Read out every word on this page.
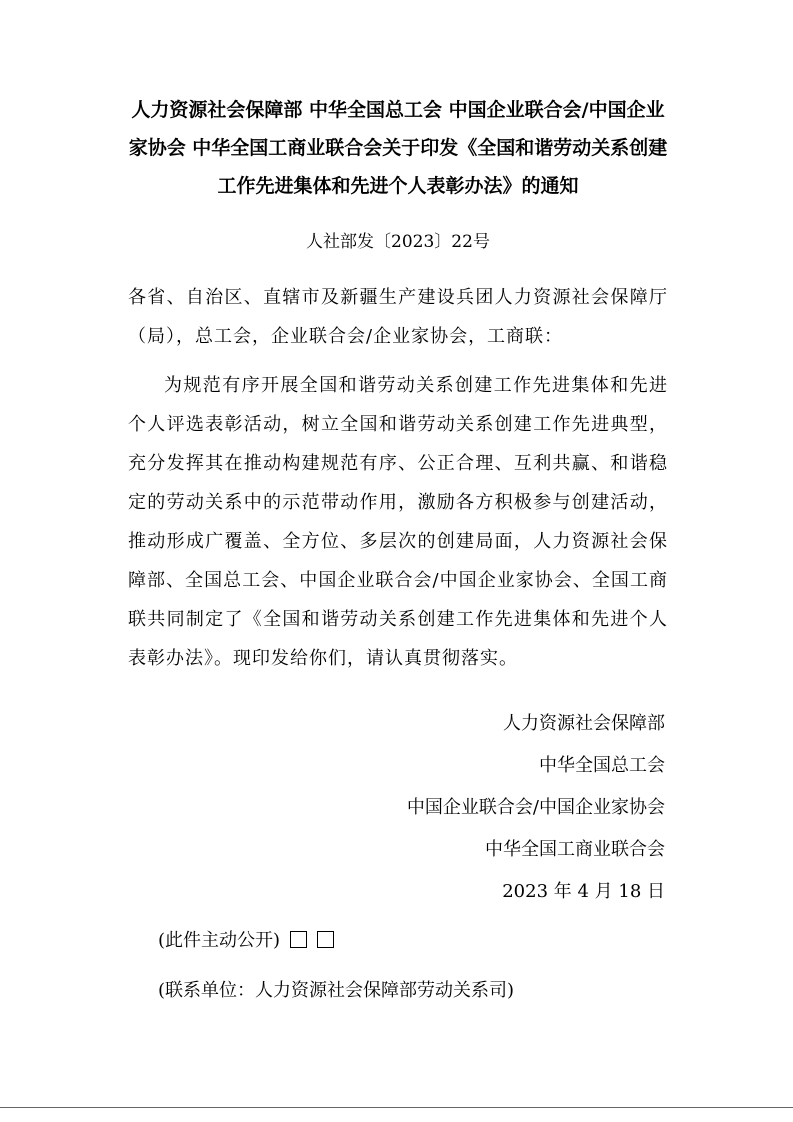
人力资源社会保障部 中华全国总工会 中国企业联合会/中国企业家协会 中华全国工商业联合会关于印发《全国和谐劳动关系创建工作先进集体和先进个人表彰办法》的通知
人社部发〔2023〕22号

各省、自治区、直辖市及新疆生产建设兵团人力资源社会保障厅（局），总工会，企业联合会/企业家协会，工商联：

为规范有序开展全国和谐劳动关系创建工作先进集体和先进个人评选表彰活动，树立全国和谐劳动关系创建工作先进典型，充分发挥其在推动构建规范有序、公正合理、互利共赢、和谐稳定的劳动关系中的示范带动作用，激励各方积极参与创建活动，推动形成广覆盖、全方位、多层次的创建局面，人力资源社会保障部、全国总工会、中国企业联合会/中国企业家协会、全国工商联共同制定了《全国和谐劳动关系创建工作先进集体和先进个人表彰办法》。现印发给你们，请认真贯彻落实。

人力资源社会保障部
中华全国总工会
中国企业联合会/中国企业家协会
中华全国工商业联合会
2023 年 4 月 18 日
(此件主动公开)
(联系单位：人力资源社会保障部劳动关系司)
